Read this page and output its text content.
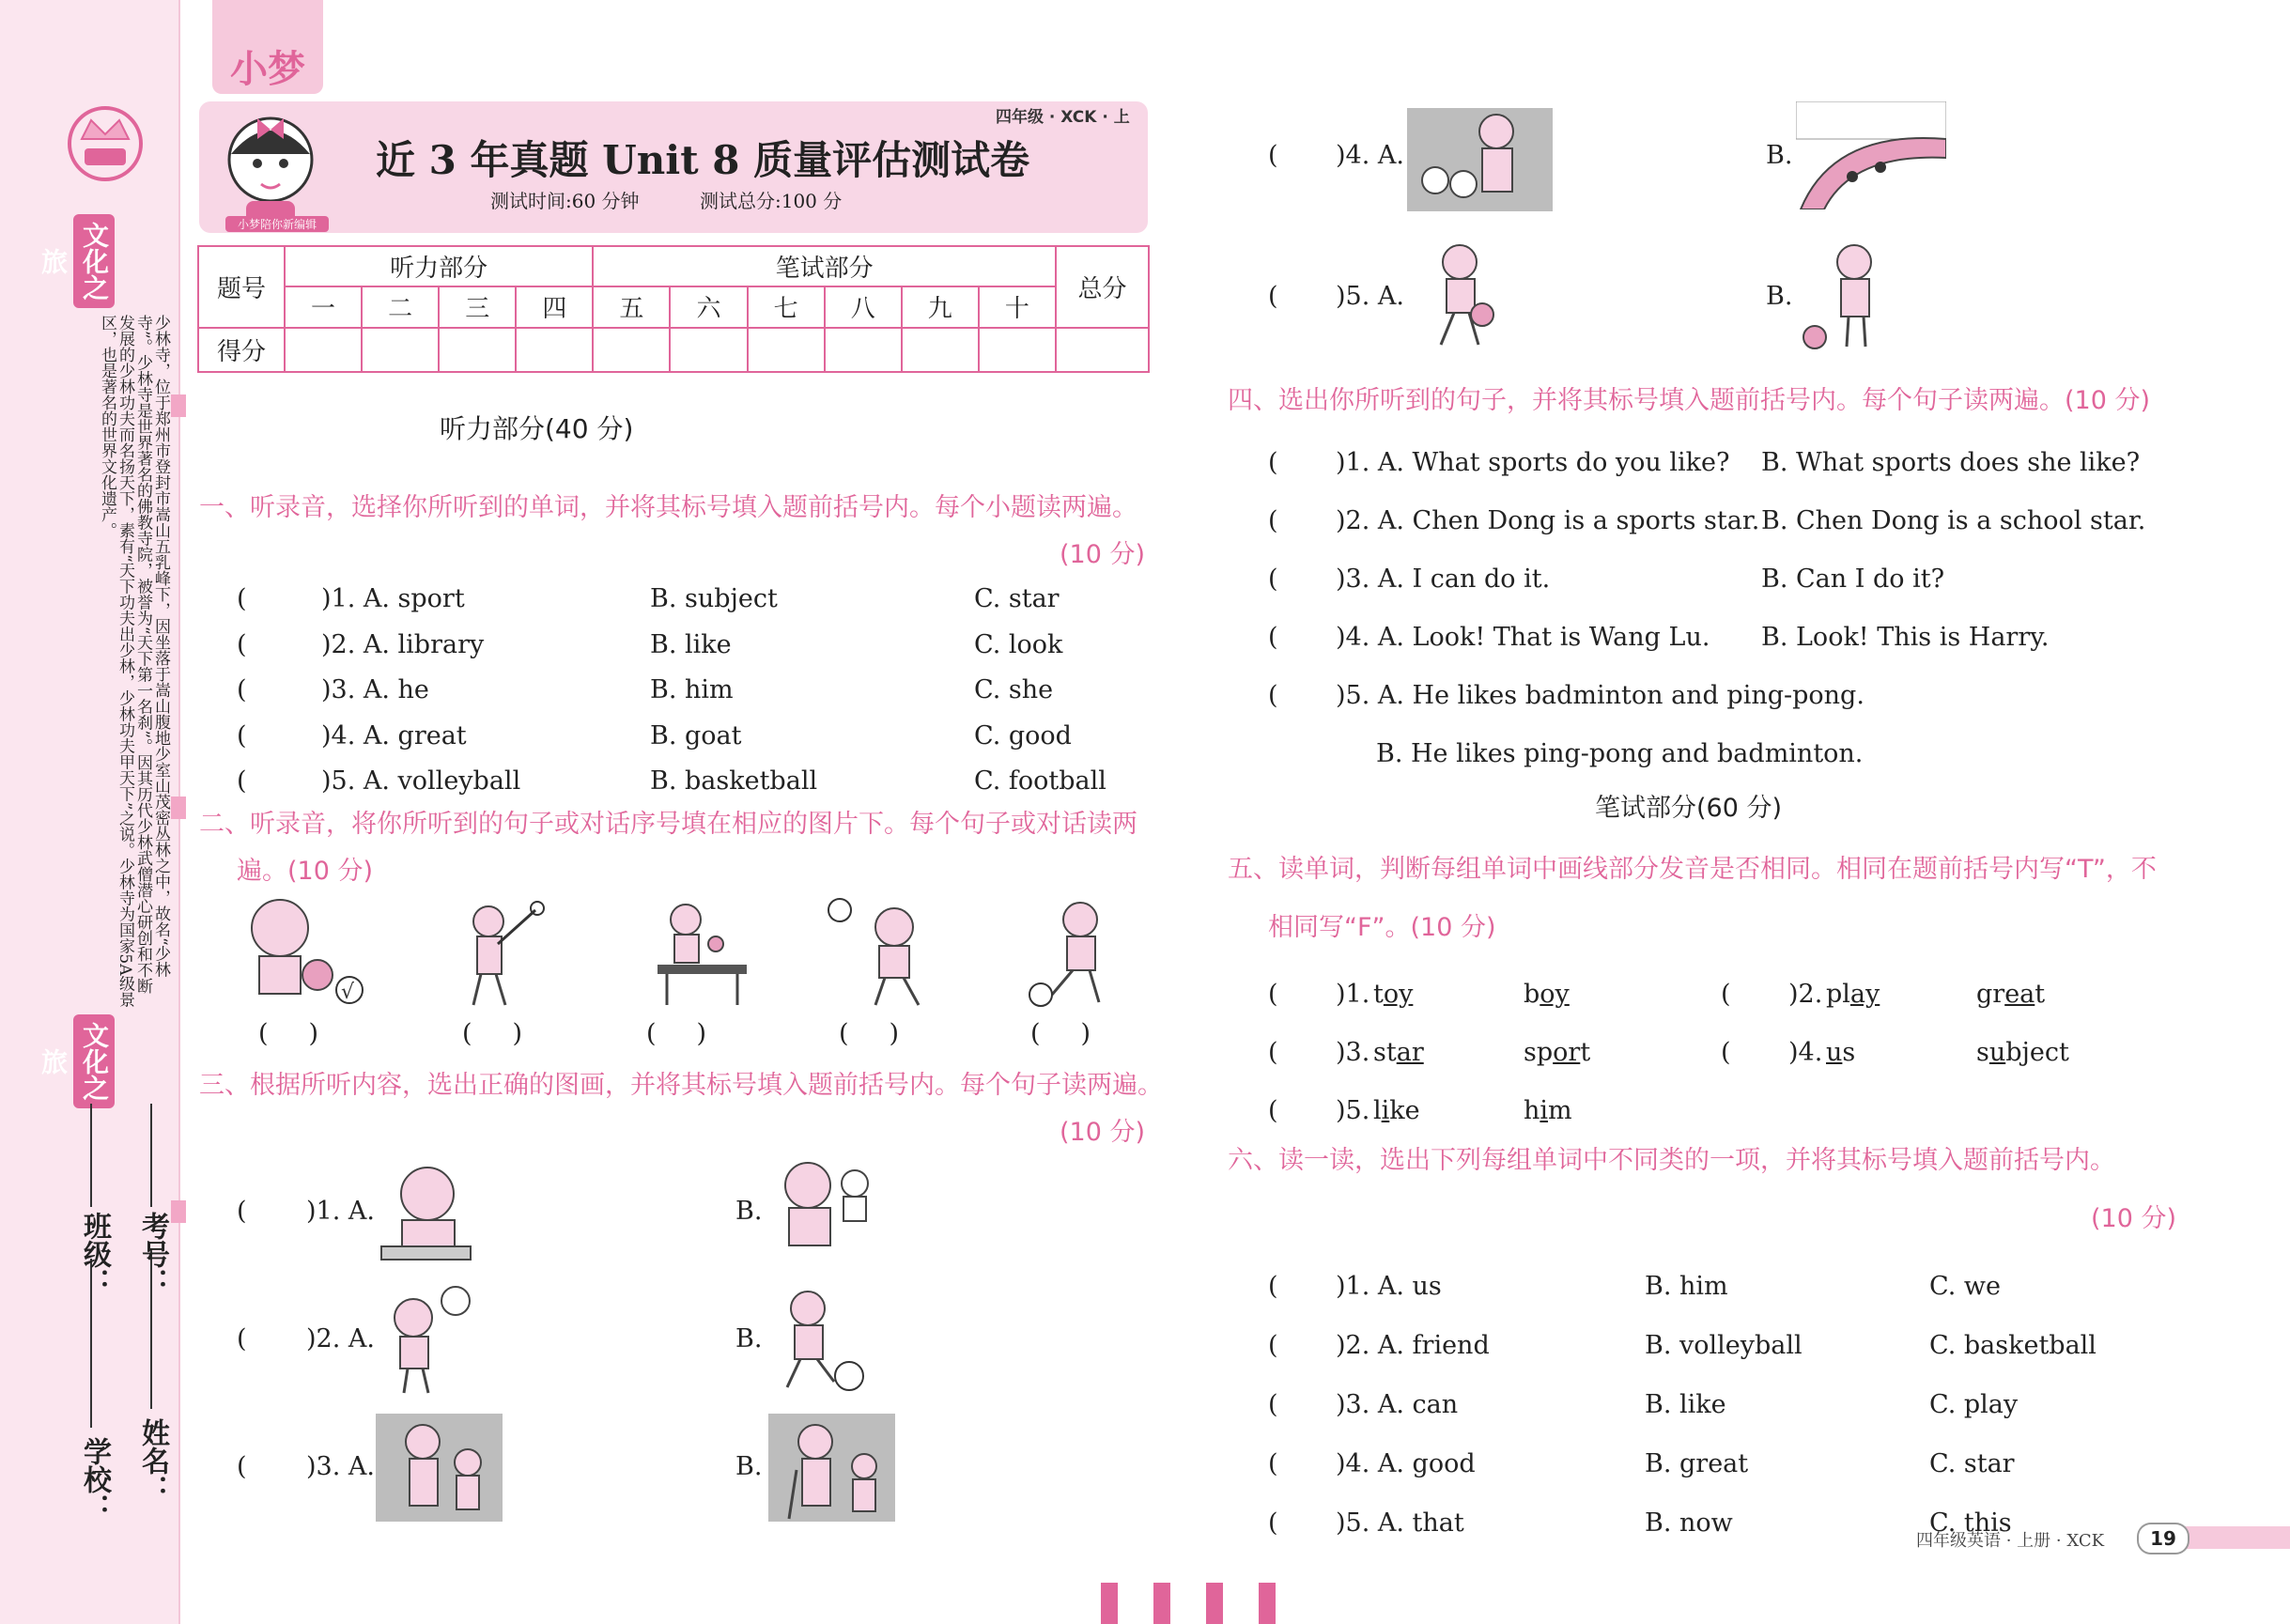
文化之旅
少林寺，位于郑州市登封市嵩山五乳峰下，因坐落于嵩山腹地少室山茂密丛林之中，故名“少林寺”。少林寺是世界著名的佛教寺院，被誉为“天下第一名刹”。因其历代少林武僧潜心研创和不断发展的少林功夫而名扬天下，素有“天下功夫出少林，少林功夫甲天下”之说。少林寺为国家5A级景区，也是著名的世界文化遗产。
文化之旅
学校：
班级：
姓名：
考号：
小梦
小梦陪你新编辑
四年级 · XCK · 上
近 3 年真题 Unit 8 质量评估测试卷
测试时间:60 分钟	测试总分:100 分
题号	听力部分				笔试部分						总分
	一	二	三	四	五	六	七	八	九	十	
得分											
听力部分(40 分)
一、听录音，选择你所听到的单词，并将其标号填入题前括号内。每个小题读两遍。
(10 分)
(	)1. A. sport	B. subject	C. star
(	)2. A. library	B. like	C. look
(	)3. A. he	B. him	C. she
(	)4. A. great	B. goat	C. good
(	)5. A. volleyball	B. basketball	C. football
二、听录音，将你所听到的句子或对话序号填在相应的图片下。每个句子或对话读两
遍。(10 分)
√
(     )	(     )	(     )	(     )	(     )
三、根据所听内容，选出正确的图画，并将其标号填入题前括号内。每个句子读两遍。
(10 分)
( )1. A.	B.
( )2. A.	B.
( )3. A.	B.
( )4. A.	B.
( )5. A.	B.
四、选出你所听到的句子，并将其标号填入题前括号内。每个句子读两遍。(10 分)
(	)1. A. What sports do you like?	B. What sports does she like?
(	)2. A. Chen Dong is a sports star. B. Chen Dong is a school star.
(	)3. A. I can do it.	B. Can I do it?
(	)4. A. Look! That is Wang Lu.	B. Look! This is Harry.
(	)5. A. He likes badminton and ping-pong.
B. He likes ping-pong and badminton.
笔试部分(60 分)
五、读单词，判断每组单词中画线部分发音是否相同。相同在题前括号内写“T”，不
相同写“F”。(10 分)
(	)1. toy	boy	(	)2. play	great
(	)3. star	sport	(	)4. us	subject
(	)5. like	him
六、读一读，选出下列每组单词中不同类的一项，并将其标号填入题前括号内。
(10 分)
(	)1. A. us	B. him	C. we
(	)2. A. friend	B. volleyball	C. basketball
(	)3. A. can	B. like	C. play
(	)4. A. good	B. great	C. star
(	)5. A. that	B. now	C. this
四年级英语 · 上册 · XCK	19
